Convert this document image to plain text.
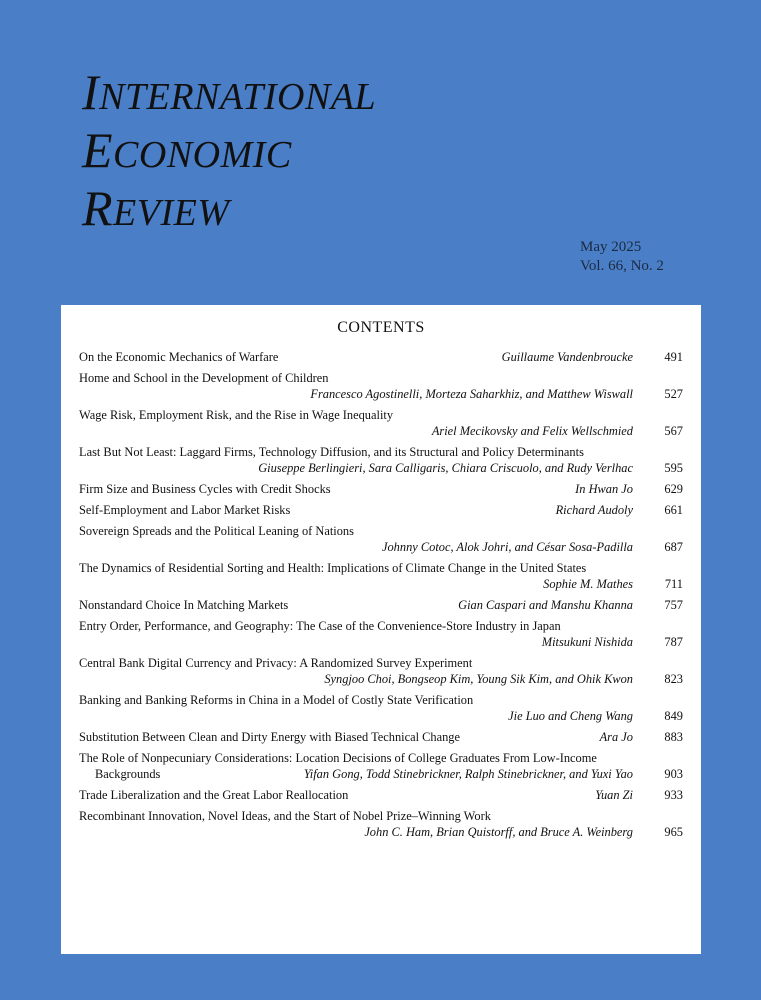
INTERNATIONAL
ECONOMIC
REVIEW
May 2025
Vol. 66, No. 2
CONTENTS
On the Economic Mechanics of Warfare	Guillaume Vandenbroucke	491
Home and School in the Development of Children
Francesco Agostinelli, Morteza Saharkhiz, and Matthew Wiswall	527
Wage Risk, Employment Risk, and the Rise in Wage Inequality
Ariel Mecikovsky and Felix Wellschmied	567
Last But Not Least: Laggard Firms, Technology Diffusion, and its Structural and Policy Determinants
Giuseppe Berlingieri, Sara Calligaris, Chiara Criscuolo, and Rudy Verlhac	595
Firm Size and Business Cycles with Credit Shocks	In Hwan Jo	629
Self-Employment and Labor Market Risks	Richard Audoly	661
Sovereign Spreads and the Political Leaning of Nations
Johnny Cotoc, Alok Johri, and César Sosa-Padilla	687
The Dynamics of Residential Sorting and Health: Implications of Climate Change in the United States
Sophie M. Mathes	711
Nonstandard Choice In Matching Markets	Gian Caspari and Manshu Khanna	757
Entry Order, Performance, and Geography: The Case of the Convenience-Store Industry in Japan
Mitsukuni Nishida	787
Central Bank Digital Currency and Privacy: A Randomized Survey Experiment
Syngjoo Choi, Bongseop Kim, Young Sik Kim, and Ohik Kwon	823
Banking and Banking Reforms in China in a Model of Costly State Verification
Jie Luo and Cheng Wang	849
Substitution Between Clean and Dirty Energy with Biased Technical Change	Ara Jo	883
The Role of Nonpecuniary Considerations: Location Decisions of College Graduates From Low-Income
Backgrounds	Yifan Gong, Todd Stinebrickner, Ralph Stinebrickner, and Yuxi Yao	903
Trade Liberalization and the Great Labor Reallocation	Yuan Zi	933
Recombinant Innovation, Novel Ideas, and the Start of Nobel Prize–Winning Work
John C. Ham, Brian Quistorff, and Bruce A. Weinberg	965
